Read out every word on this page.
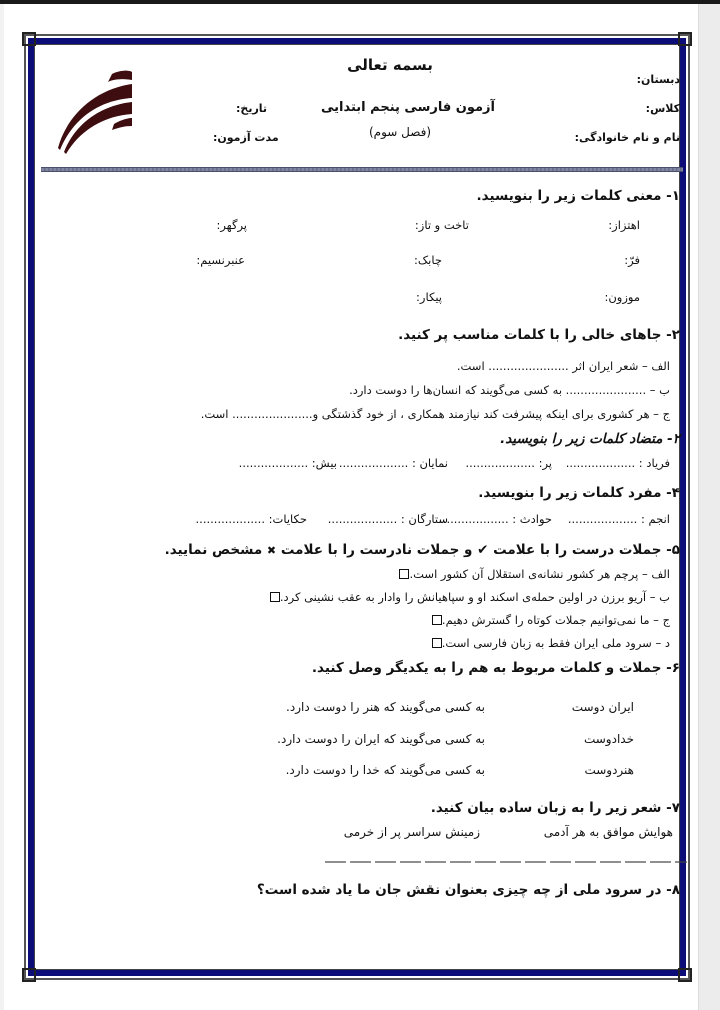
بسمه تعالی
دبستان:
کلاس:
نام و نام خانوادگی:
آزمون فارسی پنجم ابتدایی
(فصل سوم)
تاریخ:
مدت آزمون:
۱- معنی کلمات زیر را بنویسید.
اهتزاز:
تاخت و تاز:
پرگهر:
فرّ:
چابک:
عنبرنسیم:
موزون:
پیکار:
۲- جاهای خالی را با کلمات مناسب پر کنید.
الف – شعر ایران اثر ...................... است.
ب – ...................... به کسی می‌گویند که انسان‌ها را دوست دارد.
ج – هر کشوری برای اینکه پیشرفت کند نیازمند همکاری ، از خود گذشتگی و...................... است.
۲- متضاد کلمات زیر را بنویسید.
فریاد : ...................
پر: ...................
نمایان : ...................
بیش: ...................
۴- مفرد کلمات زیر را بنویسید.
انجم : ...................
حوادث : ...................
ستارگان : ...................
حکایات: ...................
۵- جملات درست را با علامت ✔ و جملات نادرست را با علامت ✖ مشخص نمایید.
الف – پرچم هر کشور نشانه‌ی استقلال آن کشور است.
ب – آریو برزن در اولین حمله‌ی اسکند او و سپاهیانش را وادار به عقب نشینی کرد.
ج – ما نمی‌توانیم جملات کوتاه را گسترش دهیم.
د – سرود ملی ایران فقط به زبان فارسی است.
۶- جملات و کلمات مربوط به هم را به یکدیگر وصل کنید.
ایران دوست
خدادوست
هنردوست
به کسی می‌گویند که هنر را دوست دارد.
به کسی می‌گویند که ایران را دوست دارد.
به کسی می‌گویند که خدا را دوست دارد.
۷- شعر زیر را به زبان ساده بیان کنید.
هوایش موافق به هر آدمی
زمینش سراسر پر از خرمی
۸- در سرود ملی از چه چیزی بعنوان نقش جان ما یاد شده است؟
